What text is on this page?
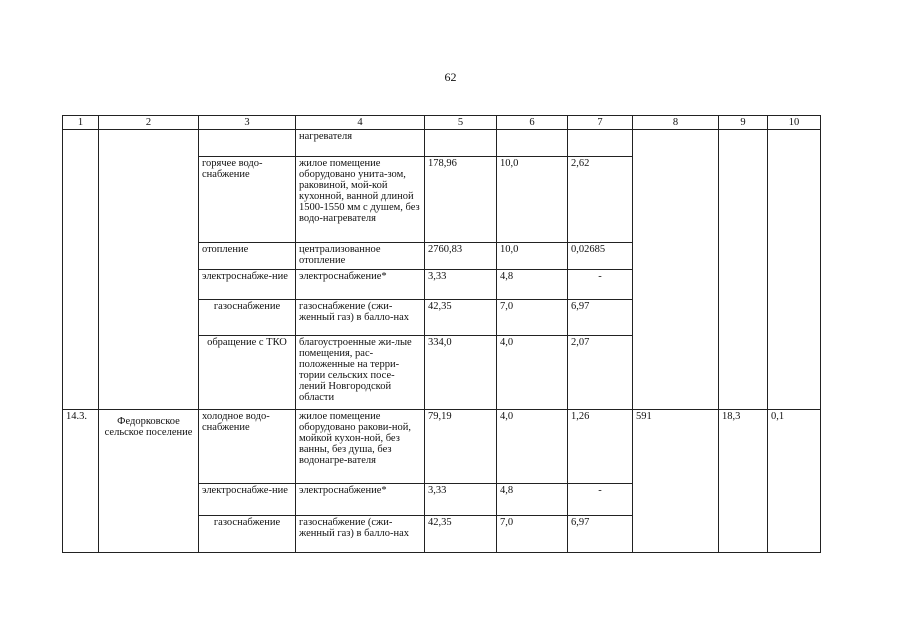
62
1	2	3	4	5	6	7	8	9	10
			нагревателя						
		горячее водо-снабжение	жилое помещение оборудовано унита-зом, раковиной, мой-кой кухонной, ванной длиной 1500-1550 мм с душем, без водо-нагревателя	178,96	10,0	2,62			
		отопление	централизованное отопление	2760,83	10,0	0,02685			
		электроснабже-ние	электроснабжение*	3,33	4,8	-			
		газоснабжение	газоснабжение (сжи-женный газ) в балло-нах	42,35	7,0	6,97			
		обращение с ТКО	благоустроенные жи-лые помещения, рас-положенные на терри-тории сельских посе-лений Новгородской области	334,0	4,0	2,07			
14.3.	Федорковское сельское поселение	холодное водо-снабжение	жилое помещение оборудовано ракови-ной, мойкой кухон-ной, без ванны, без душа, без водонагре-вателя	79,19	4,0	1,26	591	18,3	0,1
		электроснабже-ние	электроснабжение*	3,33	4,8	-			
		газоснабжение	газоснабжение (сжи-женный газ) в балло-нах	42,35	7,0	6,97			
